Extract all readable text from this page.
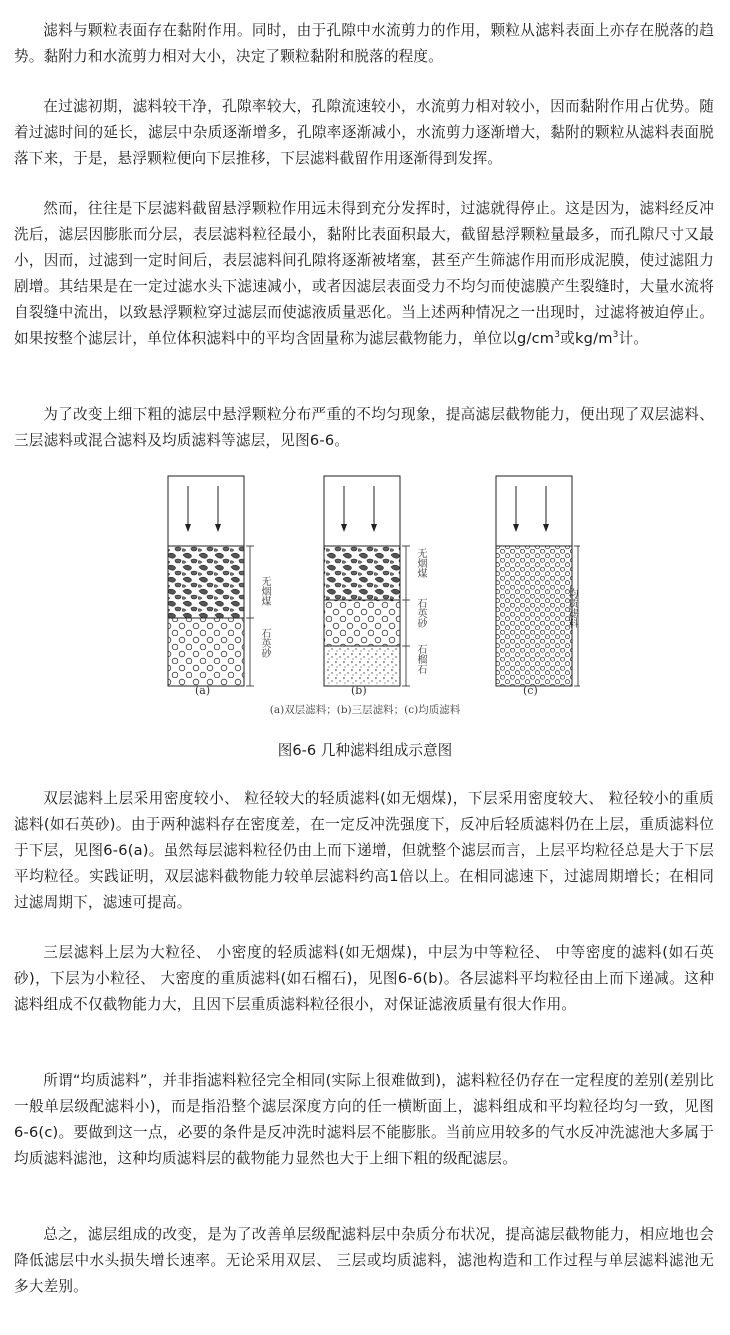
滤料与颗粒表面存在黏附作用。同时，由于孔隙中水流剪力的作用，颗粒从滤料表面上亦存在脱落的趋势。黏附力和水流剪力相对大小，决定了颗粒黏附和脱落的程度。

在过滤初期，滤料较干净，孔隙率较大，孔隙流速较小，水流剪力相对较小，因而黏附作用占优势。随着过滤时间的延长，滤层中杂质逐渐增多，孔隙率逐渐减小，水流剪力逐渐增大，黏附的颗粒从滤料表面脱落下来，于是，悬浮颗粒便向下层推移，下层滤料截留作用逐渐得到发挥。

然而，往往是下层滤料截留悬浮颗粒作用远未得到充分发挥时，过滤就得停止。这是因为，滤料经反冲洗后，滤层因膨胀而分层，表层滤料粒径最小，黏附比表面积最大，截留悬浮颗粒量最多，而孔隙尺寸又最小，因而，过滤到一定时间后，表层滤料间孔隙将逐渐被堵塞，甚至产生筛滤作用而形成泥膜，使过滤阻力剧增。其结果是在一定过滤水头下滤速减小，或者因滤层表面受力不均匀而使滤膜产生裂缝时，大量水流将自裂缝中流出，以致悬浮颗粒穿过滤层而使滤液质量恶化。当上述两种情况之一出现时，过滤将被迫停止。如果按整个滤层计，单位体积滤料中的平均含固量称为滤层截物能力，单位以$g/cm^3$或$kg/m^3$计。

为了改变上细下粗的滤层中悬浮颗粒分布严重的不均匀现象，提高滤层截物能力，便出现了双层滤料、 三层滤料或混合滤料及均质滤料等滤层，见图6-6。

无烟煤
石英砂
无烟煤
石英砂
石榴石
均质滤料
(a)	(b)	(c)
(a)双层滤料；(b)三层滤料；(c)均质滤料
图6-6 几种滤料组成示意图

双层滤料上层采用密度较小、 粒径较大的轻质滤料(如无烟煤)，下层采用密度较大、 粒径较小的重质滤料(如石英砂)。由于两种滤料存在密度差，在一定反冲洗强度下，反冲后轻质滤料仍在上层，重质滤料位于下层，见图6-6(a)。虽然每层滤料粒径仍由上而下递增，但就整个滤层而言，上层平均粒径总是大于下层平均粒径。实践证明，双层滤料截物能力较单层滤料约高1倍以上。在相同滤速下，过滤周期增长；在相同过滤周期下，滤速可提高。

三层滤料上层为大粒径、 小密度的轻质滤料(如无烟煤)，中层为中等粒径、 中等密度的滤料(如石英砂)，下层为小粒径、 大密度的重质滤料(如石榴石)，见图6-6(b)。各层滤料平均粒径由上而下递减。这种滤料组成不仅截物能力大，且因下层重质滤料粒径很小，对保证滤液质量有很大作用。

所谓“均质滤料”，并非指滤料粒径完全相同(实际上很难做到)，滤料粒径仍存在一定程度的差别(差别比一般单层级配滤料小)，而是指沿整个滤层深度方向的任一横断面上，滤料组成和平均粒径均匀一致，见图6-6(c)。要做到这一点，必要的条件是反冲洗时滤料层不能膨胀。当前应用较多的气水反冲洗滤池大多属于均质滤料滤池，这种均质滤料层的截物能力显然也大于上细下粗的级配滤层。

总之，滤层组成的改变，是为了改善单层级配滤料层中杂质分布状况，提高滤层截物能力，相应地也会降低滤层中水头损失增长速率。无论采用双层、 三层或均质滤料，滤池构造和工作过程与单层滤料滤池无多大差别。
